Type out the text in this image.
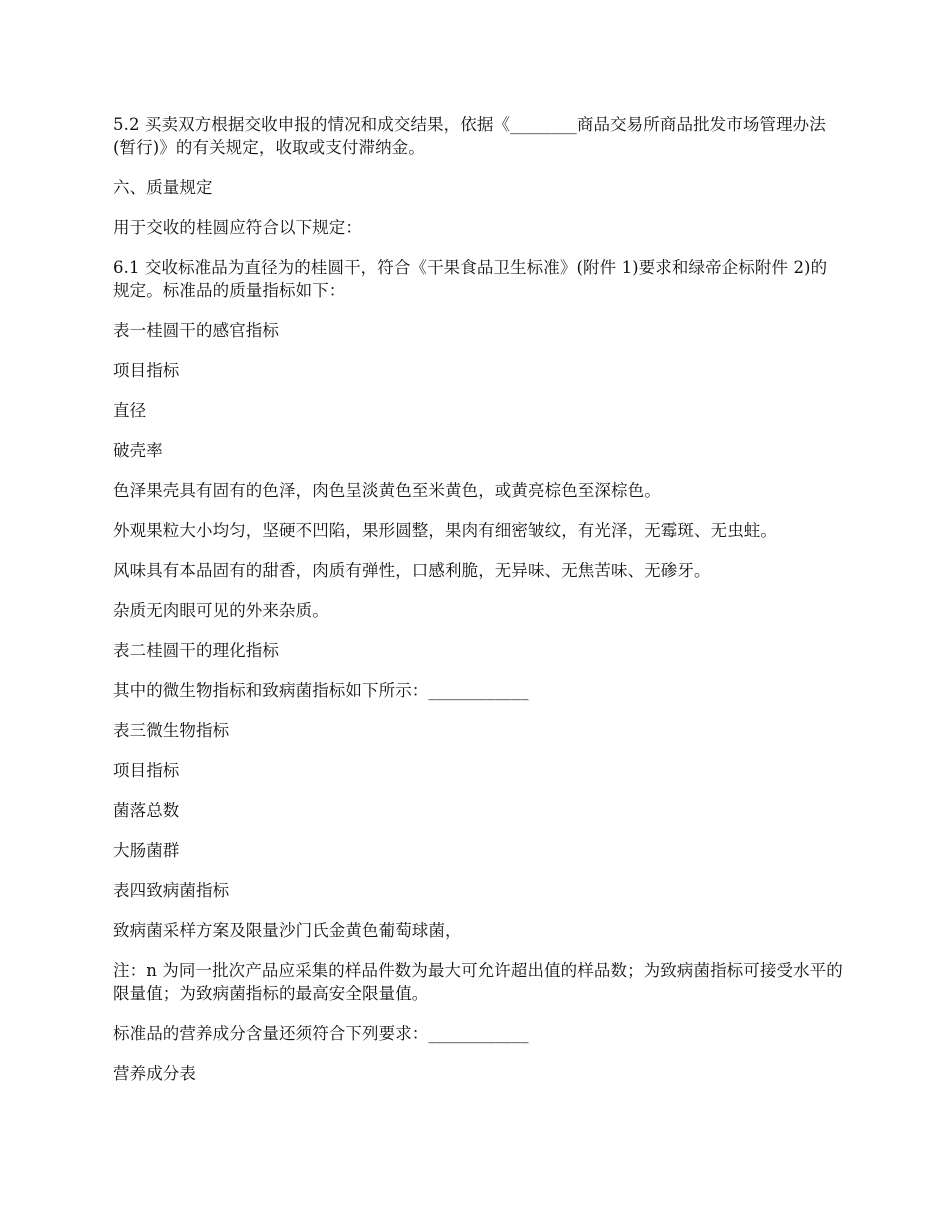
5.2 买卖双方根据交收申报的情况和成交结果，依据《________商品交易所商品批发市场管理办法(暂行)》的有关规定，收取或支付滞纳金。

六、质量规定

用于交收的桂圆应符合以下规定：

6.1 交收标准品为直径为的桂圆干，符合《干果食品卫生标准》(附件 1)要求和绿帝企标附件 2)的规定。标准品的质量指标如下：

表一桂圆干的感官指标

项目指标

直径

破壳率

色泽果壳具有固有的色泽，肉色呈淡黄色至米黄色，或黄亮棕色至深棕色。

外观果粒大小均匀，坚硬不凹陷，果形圆整，果肉有细密皱纹，有光泽，无霉斑、无虫蛀。

风味具有本品固有的甜香，肉质有弹性，口感利脆，无异味、无焦苦味、无碜牙。

杂质无肉眼可见的外来杂质。

表二桂圆干的理化指标

其中的微生物指标和致病菌指标如下所示：____________

表三微生物指标

项目指标

菌落总数

大肠菌群

表四致病菌指标

致病菌采样方案及限量沙门氏金黄色葡萄球菌，

注：n 为同一批次产品应采集的样品件数为最大可允许超出值的样品数；为致病菌指标可接受水平的限量值；为致病菌指标的最高安全限量值。

标准品的营养成分含量还须符合下列要求：____________

营养成分表
